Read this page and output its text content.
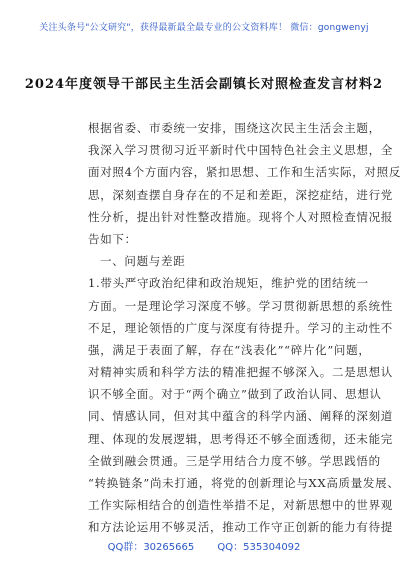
关注头条号"公文研究"，获得最新最全最专业的公文资料库！ 微信：gongwenyj
2024年度领导干部民主生活会副镇长对照检查发言材料2
根据省委、市委统一安排，围绕这次民主生活会主题，
我深入学习贯彻习近平新时代中国特色社会主义思想，全
面对照4个方面内容，紧扣思想、工作和生活实际，对照反
思，深刻查摆自身存在的不足和差距，深挖症结，进行党
性分析，提出针对性整改措施。现将个人对照检查情况报
告如下：
一、问题与差距
1.带头严守政治纪律和政治规矩，维护党的团结统一
方面。一是理论学习深度不够。学习贯彻新思想的系统性
不足，理论领悟的广度与深度有待提升。学习的主动性不
强，满足于表面了解，存在“浅表化”“碎片化”问题，
对精神实质和科学方法的精准把握不够深入。二是思想认
识不够全面。对于“两个确立”做到了政治认同、思想认
同、情感认同，但对其中蕴含的科学内涵、阐释的深刻道
理、体现的发展逻辑，思考得还不够全面透彻，还未能完
全做到融会贯通。三是学用结合力度不够。学思践悟的
“转换链条”尚未打通，将党的创新理论与XX高质量发展、
工作实际相结合的创造性举措不足，对新思想中的世界观
和方法论运用不够灵活，推动工作守正创新的能力有待提
QQ群：30265665 QQ：535304092
